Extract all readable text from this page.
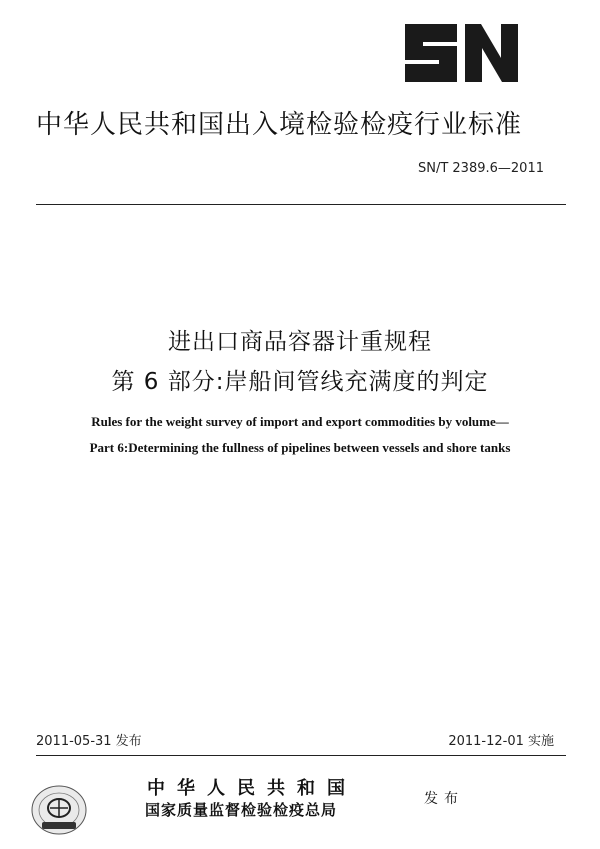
中华人民共和国出入境检验检疫行业标准
SN/T 2389.6—2011
进出口商品容器计重规程
第 6 部分:岸船间管线充满度的判定
Rules for the weight survey of import and export commodities by volume—
Part 6:Determining the fullness of pipelines between vessels and shore tanks
2011-05-31 发布	2011-12-01 实施
中华人民共和国
国家质量监督检验检疫总局
发布
